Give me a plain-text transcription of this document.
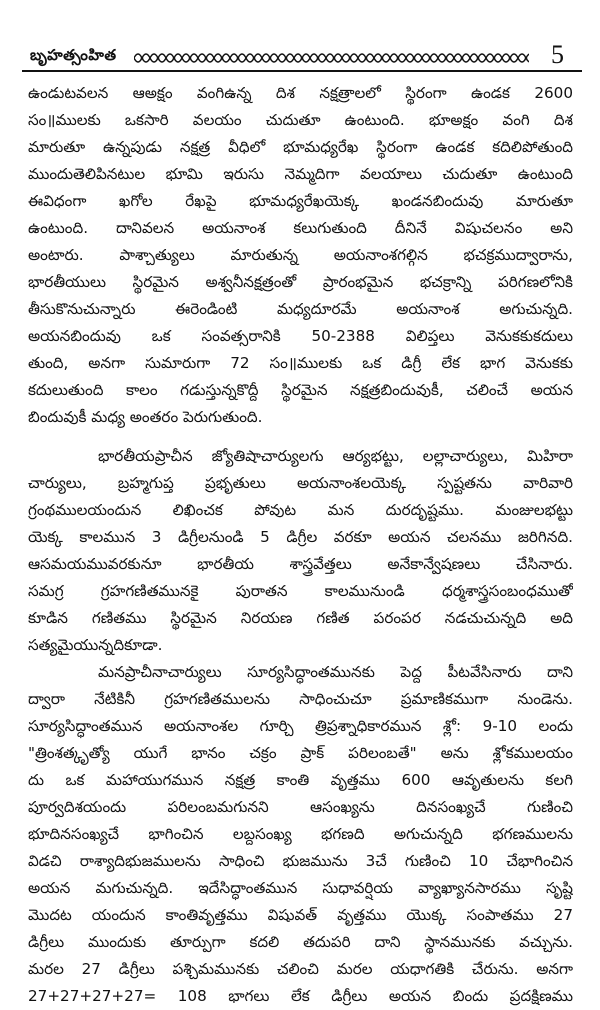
బృహత్సంహిత	5
ఉండుటవలన ఆఅక్షం వంగిఉన్న దిశ నక్షత్రాలలో స్థిరంగా ఉండక 2600
సం॥ములకు ఒకసారి వలయం చుదుతూ ఉంటుంది. భూఅక్షం వంగి దిశ
మారుతూ ఉన్నపుడు నక్షత్ర వీధిలో భూమధ్యరేఖ స్థిరంగా ఉండక కదిలిపోతుంది
ముందుతెలిపినటుల భూమి ఇరుసు నెమ్మదిగా వలయాలు చుదుతూ ఉంటుంది
ఈవిధంగా ఖగోల రేఖపై భూమధ్యరేఖయెక్క ఖండనబిందువు మారుతూ
ఉంటుంది. దానివలన అయనాంశ కలుగుతుంది దీనినే విషుచలనం అని
అంటారు. పాశ్చాత్యులు మారుతున్న అయనాంశగల్గిన భచక్రముద్వారాను,
భారతీయులు స్థిరమైన అశ్వనీనక్షత్రంతో ప్రారంభమైన భచక్రాన్ని పరిగణలోనికి
తీసుకొనుచున్నారు ఈరెండింటి మధ్యదూరమే అయనాంశ అగుచున్నది.
అయనబిందువు ఒక సంవత్సరానికి 50-2388 విలిప్తలు వెనుకకుకదులు
తుంది, అనగా సుమారుగా 72 సం॥ములకు ఒక డిగ్రీ లేక భాగ వెనుకకు
కదులుతుంది కాలం గడుస్తున్నకొద్దీ స్థిరమైన నక్షత్రబిందువుకీ, చలించే అయన
బిందువుకీ మధ్య అంతరం పెరుగుతుంది.
భారతీయప్రాచీన జ్యోతిషాచార్యులగు ఆర్యభట్టు, లల్లాచార్యులు, మిహిరా
చార్యులు, బ్రహ్మగుప్త ప్రభృతులు అయనాంశలయెక్క స్పష్టతను వారివారి
గ్రంథములయందున లిఖించక పోవుట మన దురదృష్టము. మంజులభట్టు
యెక్క కాలమున 3 డిగ్రీలనుండి 5 డిగ్రీల వరకూ అయన చలనము జరిగినది.
ఆసమయమువరకునూ భారతీయ శాస్త్రవేత్తలు అనేకాన్వేషణలు చేసినారు.
సమగ్ర గ్రహగణితమునకై పురాతన కాలమునుండి ధర్మశాస్త్రసంబంధముతో
కూడిన గణితము స్థిరమైన నిరయణ గణిత పరంపర నడచుచున్నది అది
సత్యమైయున్నదికూడా.
మనప్రాచీనాచార్యులు సూర్యసిద్ధాంతమునకు పెద్ద పీటవేసినారు దాని
ద్వారా నేటికినీ గ్రహగణితములను సాధించుచూ ప్రమాణికముగా నుండెను.
సూర్యసిద్ధాంతమున అయనాంశల గూర్చి త్రిప్రశ్నాధికారమున శ్లో: 9-10 లందు
"త్రింశత్కృత్యో యుగే భానం చక్రం ప్రాక్ పరిలంబతే" అను శ్లోకములయం
దు ఒక మహాయుగమున నక్షత్ర కాంతి వృత్తము 600 ఆవృతులను కలగి
పూర్వదిశయందు పరిలంబమగునని ఆసంఖ్యను దినసంఖ్యచే గుణించి
భూదినసంఖ్యచే భాగించిన లబ్దసంఖ్య భగణది అగుచున్నది భగణములను
విడచి రాశ్యాదిభుజములను సాధించి భుజమును 3చే గుణించి 10 చేభాగించిన
అయన మగుచున్నది. ఇదేసిద్ధాంతమున సుధావర్షియ వ్యాఖ్యానసారము సృష్టి
మొదట యందున కాంతివృత్తము విషువత్ వృత్తము యొక్క సంపాతము 27
డిగ్రీలు ముందుకు తూర్పుగా కదలి తదుపరి దాని స్థానమునకు వచ్చును.
మరల 27 డిగ్రీలు పశ్చిమమునకు చలించి మరల యధాగతికి చేరును. అనగా
27+27+27+27= 108 భాగలు లేక డిగ్రీలు అయన బిందు ప్రదక్షిణము
